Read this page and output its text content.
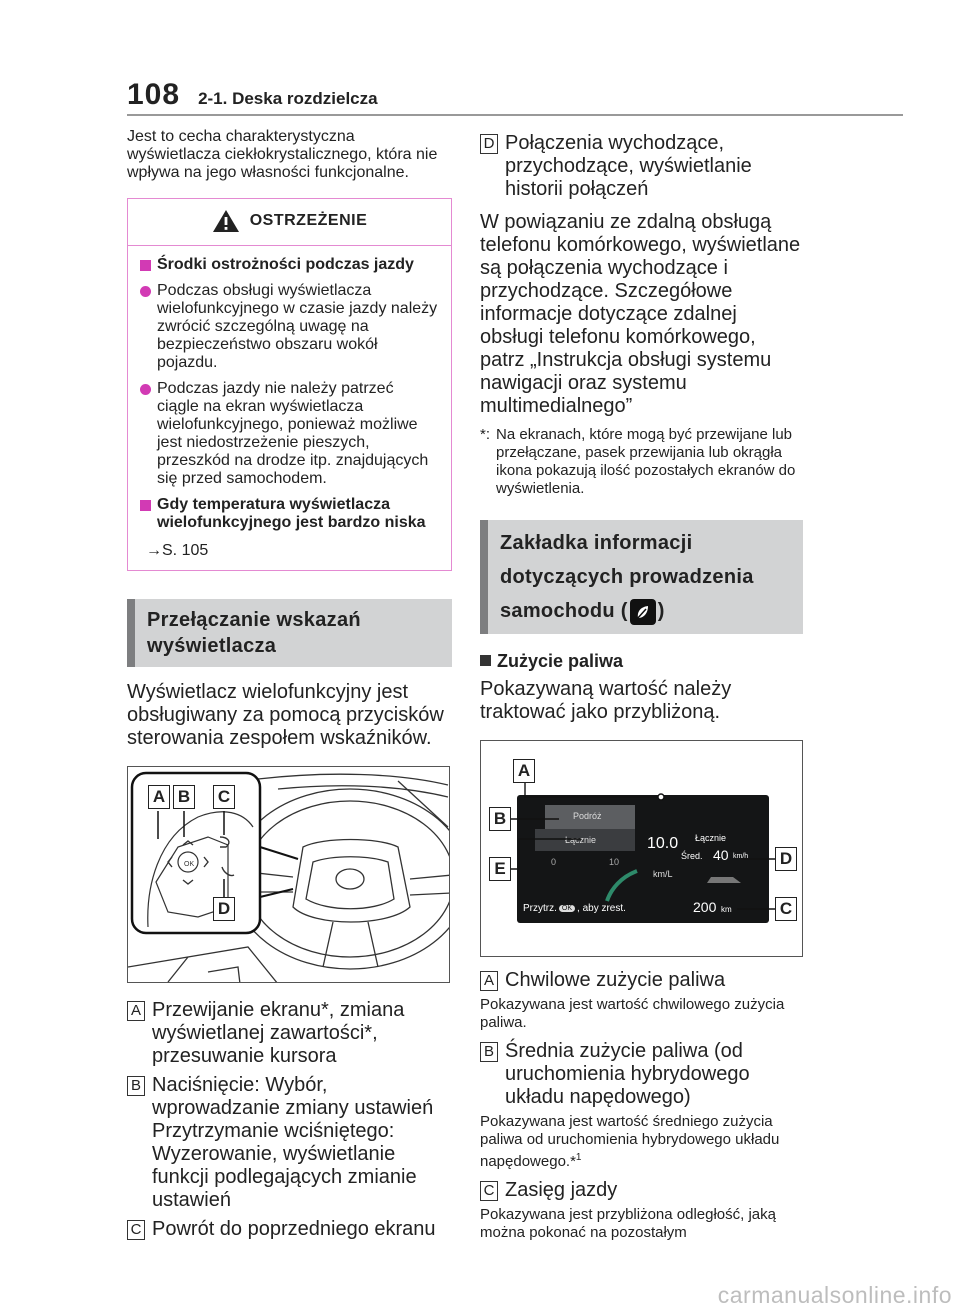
108 2-1. Deska rozdzielcza

Jest to cecha charakterystyczna wyświetlacza ciekłokrystalicznego, która nie wpływa na jego własności funkcjonalne.

OSTRZEŻENIE
Środki ostrożności podczas jazdy
Podczas obsługi wyświetlacza wielofunkcyjnego w czasie jazdy należy zwrócić szczególną uwagę na bezpieczeństwo obszaru wokół pojazdu.
Podczas jazdy nie należy patrzeć ciągle na ekran wyświetlacza wielofunkcyjnego, ponieważ możliwe jest niedostrzeżenie pieszych, przeszkód na drodze itp. znajdujących się przed samochodem.
Gdy temperatura wyświetlacza wielofunkcyjnego jest bardzo niska
→S. 105
Przełączanie wskazań wyświetlacza

Wyświetlacz wielofunkcyjny jest obsługiwany za pomocą przycisków sterowania zespołem wskaźników.

OK
A B C
D
A Przewijanie ekranu*, zmiana wyświetlanej zawartości*, przesuwanie kursora
B Naciśnięcie: Wybór, wprowadzanie zmiany ustawień Przytrzymanie wciśniętego: Wyzerowanie, wyświetlanie funkcji podlegających zmianie ustawień
C Powrót do poprzedniego ekranu
D Połączenia wychodzące, przychodzące, wyświetlanie historii połączeń

W powiązaniu ze zdalną obsługą telefonu komórkowego, wyświetlane są połączenia wychodzące i przychodzące. Szczegółowe informacje dotyczące zdalnej obsługi telefonu komórkowego, patrz „Instrukcja obsługi systemu nawigacji oraz systemu multimedialnego”

*: Na ekranach, które mogą być przewijane lub przełączane, pasek przewijania lub okrągła ikona pokazują ilość pozostałych ekranów do wyświetlenia.
Zakładka informacji dotyczących prowadzenia samochodu ( )
Zużycie paliwa

Pokazywaną wartość należy traktować jako przybliżoną.

Podróż
Łącznie
0	10
10.0
km/L
Łącznie
Śred. 40 km/h
Przytrz. OK , aby zrest.	200 km
A
B
E
D
C
A Chwilowe zużycie paliwa

Pokazywana jest wartość chwilowego zużycia paliwa.

B Średnia zużycie paliwa (od uruchomienia hybrydowego układu napędowego)

Pokazywana jest wartość średniego zużycia paliwa od uruchomienia hybrydowego układu napędowego.*$^1$

C Zasięg jazdy

Pokazywana jest przybliżona odległość, jaką można pokonać na pozostałym

carmanualsonline.info
